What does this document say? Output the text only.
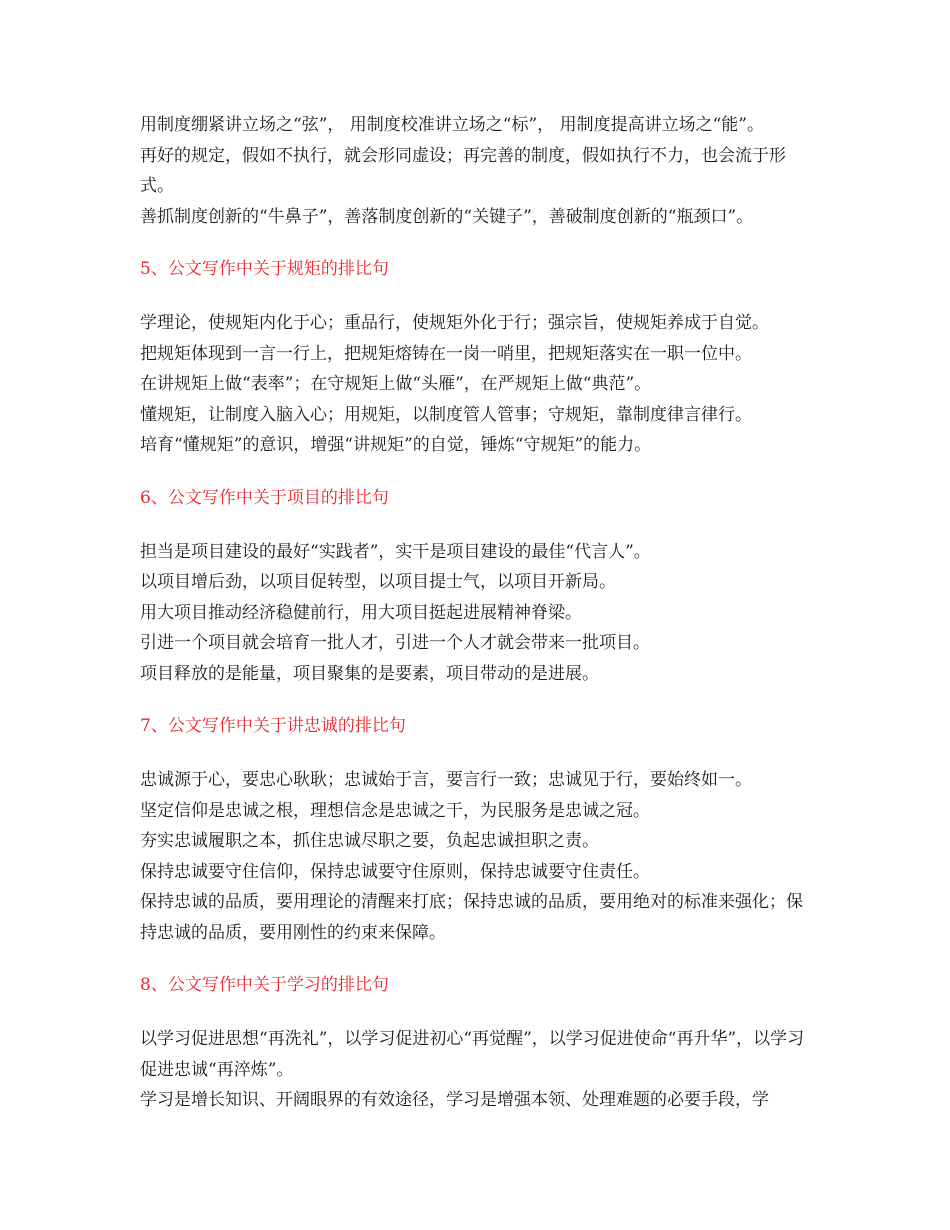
用制度绷紧讲立场之“弦”， 用制度校准讲立场之“标”， 用制度提高讲立场之“能”。

再好的规定，假如不执行，就会形同虚设；再完善的制度，假如执行不力，也会流于形式。

善抓制度创新的“牛鼻子”，善落制度创新的“关键子”，善破制度创新的“瓶颈口”。

5、公文写作中关于规矩的排比句

学理论，使规矩内化于心；重品行，使规矩外化于行；强宗旨，使规矩养成于自觉。

把规矩体现到一言一行上，把规矩熔铸在一岗一哨里，把规矩落实在一职一位中。

在讲规矩上做“表率”；在守规矩上做“头雁”，在严规矩上做“典范”。

懂规矩，让制度入脑入心；用规矩，以制度管人管事；守规矩，靠制度律言律行。

培育“懂规矩”的意识，增强“讲规矩”的自觉，锤炼“守规矩”的能力。

6、公文写作中关于项目的排比句

担当是项目建设的最好“实践者”，实干是项目建设的最佳“代言人”。

以项目增后劲，以项目促转型，以项目提士气，以项目开新局。

用大项目推动经济稳健前行，用大项目挺起进展精神脊梁。

引进一个项目就会培育一批人才，引进一个人才就会带来一批项目。

项目释放的是能量，项目聚集的是要素，项目带动的是进展。

7、公文写作中关于讲忠诚的排比句

忠诚源于心，要忠心耿耿；忠诚始于言，要言行一致；忠诚见于行，要始终如一。

坚定信仰是忠诚之根，理想信念是忠诚之干，为民服务是忠诚之冠。

夯实忠诚履职之本，抓住忠诚尽职之要，负起忠诚担职之责。

保持忠诚要守住信仰，保持忠诚要守住原则，保持忠诚要守住责任。

保持忠诚的品质，要用理论的清醒来打底；保持忠诚的品质，要用绝对的标准来强化；保持忠诚的品质，要用刚性的约束来保障。

8、公文写作中关于学习的排比句

以学习促进思想“再洗礼”，以学习促进初心“再觉醒”，以学习促进使命“再升华”，以学习促进忠诚“再淬炼”。

学习是增长知识、开阔眼界的有效途径，学习是增强本领、处理难题的必要手段，学
